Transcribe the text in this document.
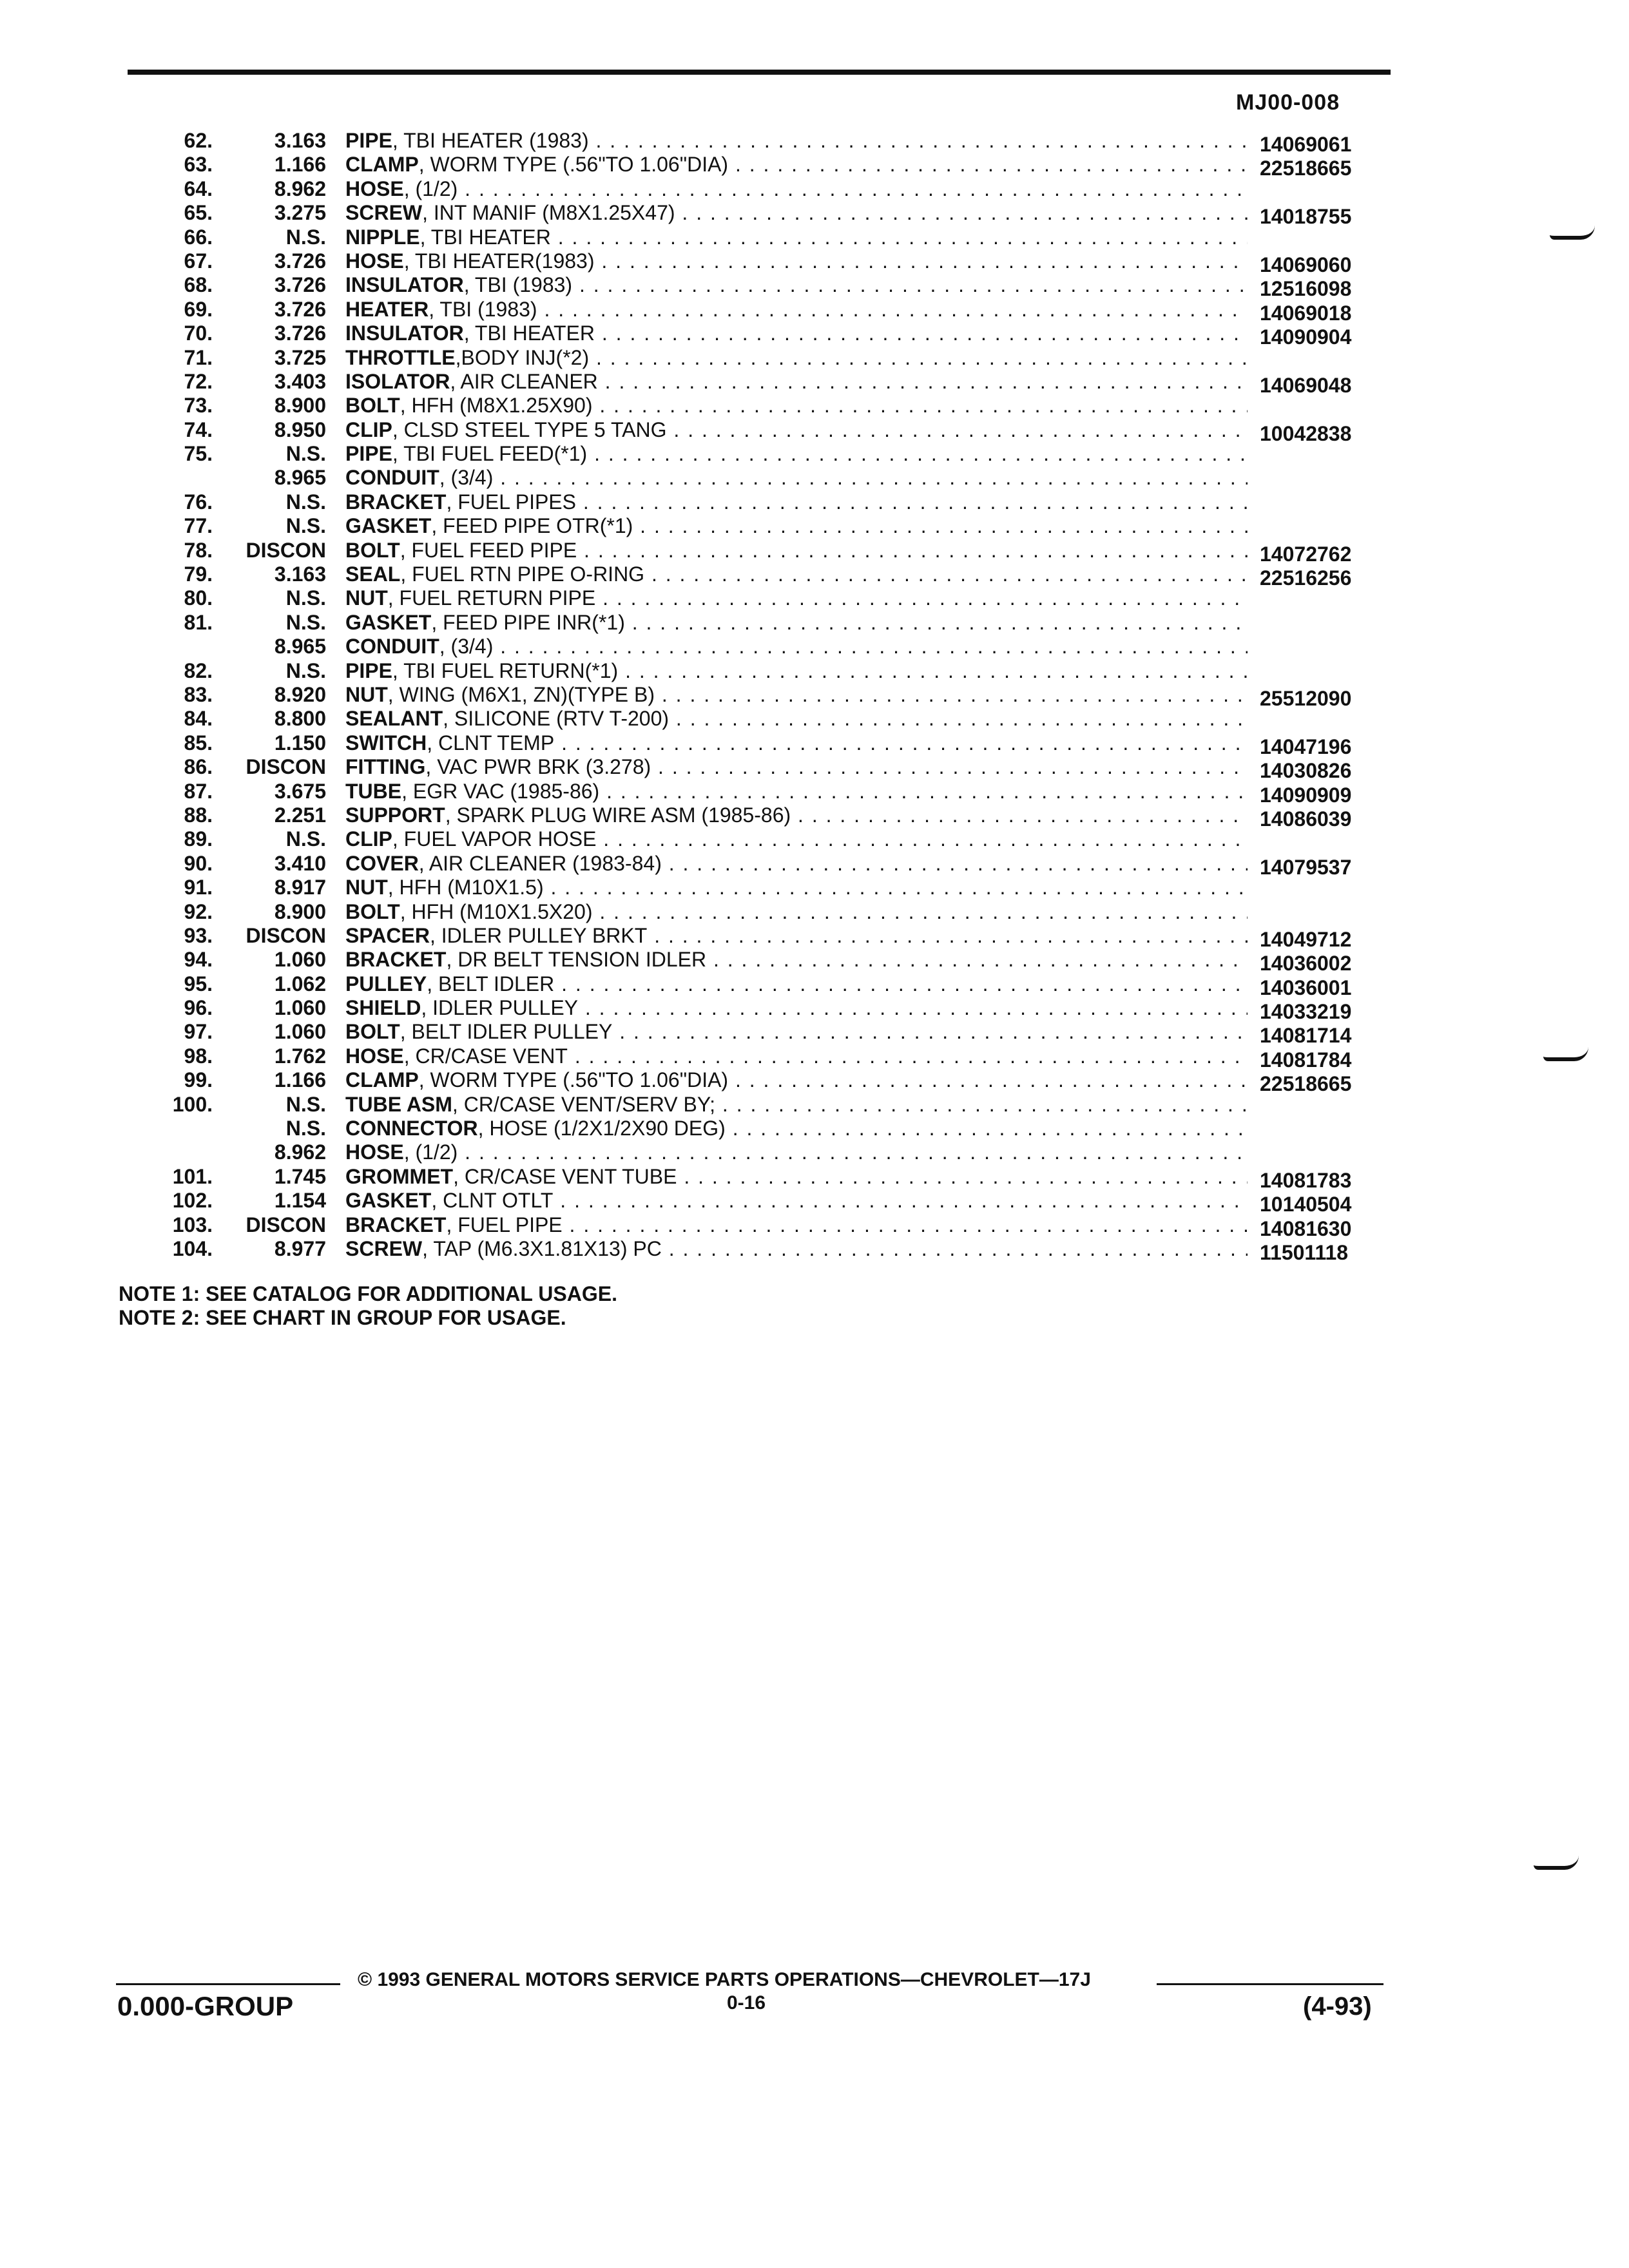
MJ00-008
62.	3.163 PIPE, TBI HEATER (1983) . . .	14069061
63.	1.166 CLAMP, WORM TYPE (.56"TO 1.06"DIA) . . .	22518665
64.	8.962 HOSE, (1/2) . . .
65.	3.275 SCREW, INT MANIF (M8X1.25X47) . . .	14018755
66.	N.S. NIPPLE, TBI HEATER . . .
67.	3.726 HOSE, TBI HEATER(1983) . . .	14069060
68.	3.726 INSULATOR, TBI (1983) . . .	12516098
69.	3.726 HEATER, TBI (1983) . . .	14069018
70.	3.726 INSULATOR, TBI HEATER . . .	14090904
71.	3.725 THROTTLE,BODY INJ(*2) . . .
72.	3.403 ISOLATOR, AIR CLEANER . . .	14069048
73.	8.900 BOLT, HFH (M8X1.25X90) . . .
74.	8.950 CLIP, CLSD STEEL TYPE 5 TANG . . .	10042838
75.	N.S. PIPE, TBI FUEL FEED(*1) . . .
8.965 CONDUIT, (3/4) . . .
76.	N.S. BRACKET, FUEL PIPES . . .
77.	N.S. GASKET, FEED PIPE OTR(*1) . . .
78.	DISCON BOLT, FUEL FEED PIPE . . .	14072762
79.	3.163 SEAL, FUEL RTN PIPE O-RING . . .	22516256
80.	N.S. NUT, FUEL RETURN PIPE . . .
81.	N.S. GASKET, FEED PIPE INR(*1) . . .
8.965 CONDUIT, (3/4) . . .
82.	N.S. PIPE, TBI FUEL RETURN(*1) . . .
83.	8.920 NUT, WING (M6X1, ZN)(TYPE B) . . .	25512090
84.	8.800 SEALANT, SILICONE (RTV T-200) . . .
85.	1.150 SWITCH, CLNT TEMP . . .	14047196
86.	DISCON FITTING, VAC PWR BRK (3.278) . . .	14030826
87.	3.675 TUBE, EGR VAC (1985-86) . . .	14090909
88.	2.251 SUPPORT, SPARK PLUG WIRE ASM (1985-86) . . .	14086039
89.	N.S. CLIP, FUEL VAPOR HOSE . . .
90.	3.410 COVER, AIR CLEANER (1983-84) . . .	14079537
91.	8.917 NUT, HFH (M10X1.5) . . .
92.	8.900 BOLT, HFH (M10X1.5X20) . . .
93.	DISCON SPACER, IDLER PULLEY BRKT . . .	14049712
94.	1.060 BRACKET, DR BELT TENSION IDLER . . .	14036002
95.	1.062 PULLEY, BELT IDLER . . .	14036001
96.	1.060 SHIELD, IDLER PULLEY . . .	14033219
97.	1.060 BOLT, BELT IDLER PULLEY . . .	14081714
98.	1.762 HOSE, CR/CASE VENT . . .	14081784
99.	1.166 CLAMP, WORM TYPE (.56"TO 1.06"DIA) . . .	22518665
100.	N.S. TUBE ASM, CR/CASE VENT/SERV BY; . . .
N.S. CONNECTOR, HOSE (1/2X1/2X90 DEG) . . .
8.962 HOSE, (1/2) . . .
101.	1.745 GROMMET, CR/CASE VENT TUBE . . .	14081783
102.	1.154 GASKET, CLNT OTLT . . .	10140504
103.	DISCON BRACKET, FUEL PIPE . . .	14081630
104.	8.977 SCREW, TAP (M6.3X1.81X13) PC . . .	11501118
NOTE 1: SEE CATALOG FOR ADDITIONAL USAGE.
NOTE 2: SEE CHART IN GROUP FOR USAGE.
© 1993 GENERAL MOTORS SERVICE PARTS OPERATIONS—CHEVROLET—17J
0.000-GROUP	0-16	(4-93)
